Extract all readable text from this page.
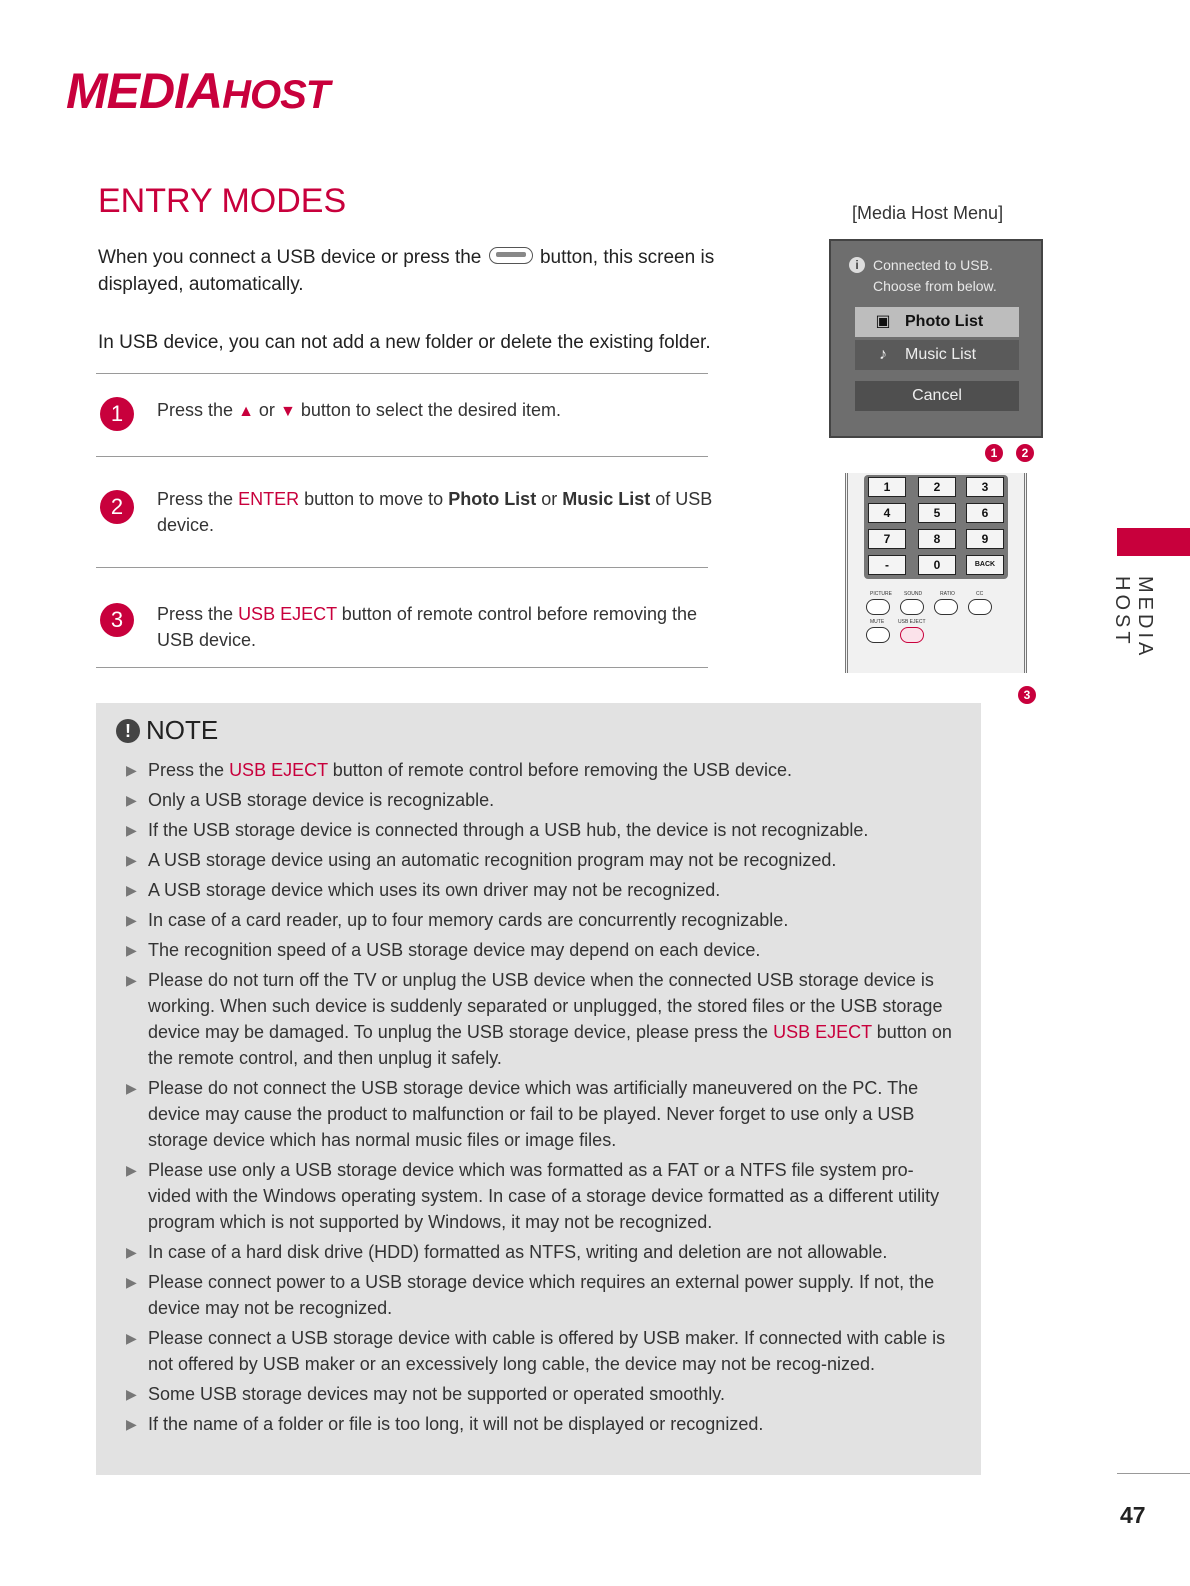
MEDIAHOST
ENTRY MODES
When you connect a USB device or press the	button, this screen is displayed, automatically.
In USB device, you can not add a new folder or delete the existing folder.
1	Press the ▲ or ▼ button to select the desired item.
2	Press the ENTER button to move to Photo List or Music List of USB device.
3	Press the USB EJECT button of remote control before removing the USB device.
[Media Host Menu]
i	Connected to USB.
Choose from below.
▣ Photo List
♪ Music List
Cancel
1	2
1	2	3
4	5	6
7	8	9
-	0	BACK
PICTURE SOUND	RATIO	CC
MUTE	USB EJECT
3
MEDIA HOST
! NOTE
▶ Press the USB EJECT button of remote control before removing the USB device.
▶ Only a USB storage device is recognizable.
▶ If the USB storage device is connected through a USB hub, the device is not recognizable.
▶ A USB storage device using an automatic recognition program may not be recognized.
▶ A USB storage device which uses its own driver may not be recognized.
▶ In case of a card reader, up to four memory cards are concurrently recognizable.
▶ The recognition speed of a USB storage device may depend on each device.
▶ Please do not turn off the TV or unplug the USB device when the connected USB storage device is working. When such device is suddenly separated or unplugged, the stored files or the USB storage device may be damaged. To unplug the USB storage device, please press the USB EJECT button on the remote control, and then unplug it safely.
▶ Please do not connect the USB storage device which was artificially maneuvered on the PC. The device may cause the product to malfunction or fail to be played. Never forget to use only a USB storage device which has normal music files or image files.
▶ Please use only a USB storage device which was formatted as a FAT or a NTFS file system pro-vided with the Windows operating system. In case of a storage device formatted as a different utility program which is not supported by Windows, it may not be recognized.
▶ In case of a hard disk drive (HDD) formatted as NTFS, writing and deletion are not allowable.
▶ Please connect power to a USB storage device which requires an external power supply. If not, the device may not be recognized.
▶ Please connect a USB storage device with cable is offered by USB maker. If connected with cable is not offered by USB maker or an excessively long cable, the device may not be recog-nized.
▶ Some USB storage devices may not be supported or operated smoothly.
▶ If the name of a folder or file is too long, it will not be displayed or recognized.
47
